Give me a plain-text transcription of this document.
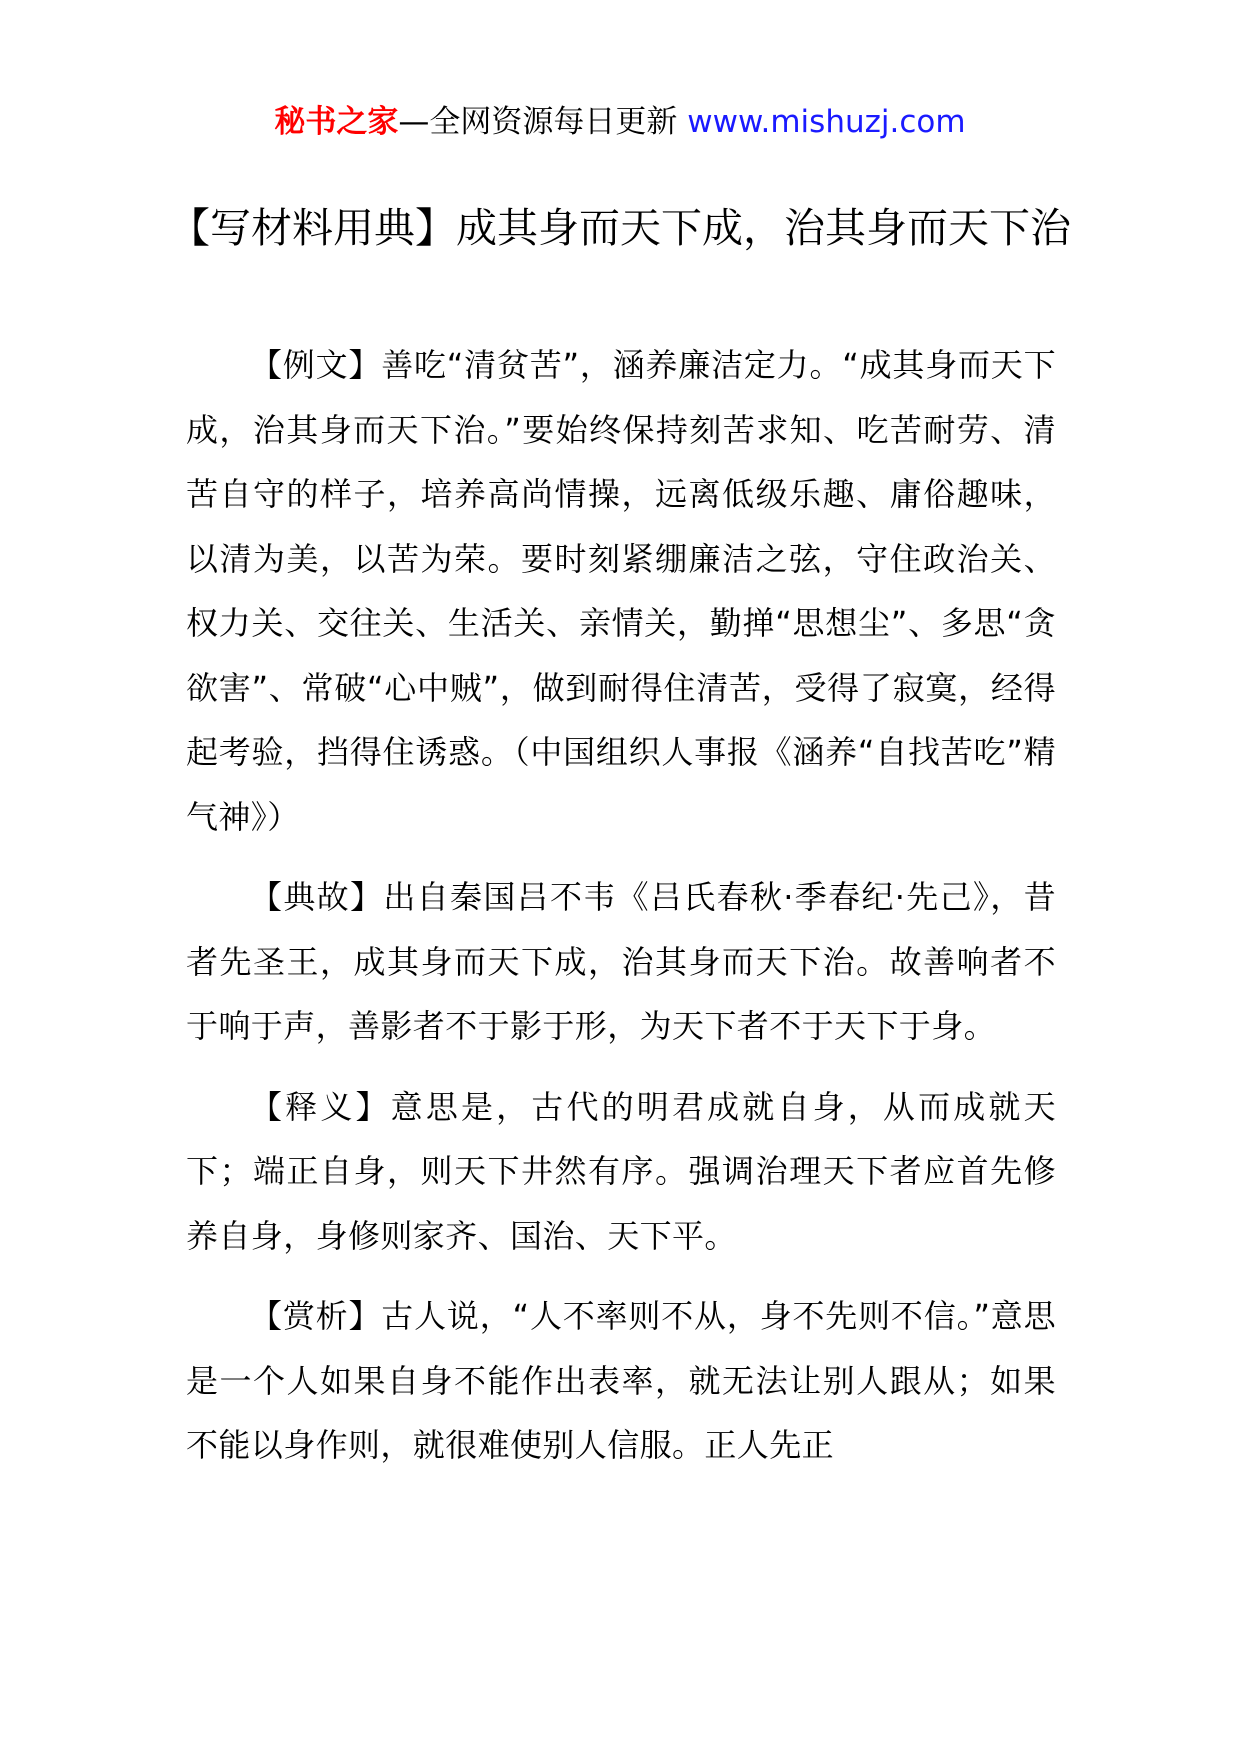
秘书之家—全网资源每日更新 www.mishuzj.com
【写材料用典】成其身而天下成，治其身而天下治

【例文】善吃“清贫苦”，涵养廉洁定力。“成其身而天下成，治其身而天下治。”要始终保持刻苦求知、吃苦耐劳、清苦自守的样子，培养高尚情操，远离低级乐趣、庸俗趣味，以清为美，以苦为荣。要时刻紧绷廉洁之弦，守住政治关、权力关、交往关、生活关、亲情关，勤掸“思想尘”、多思“贪欲害”、常破“心中贼”，做到耐得住清苦，受得了寂寞，经得起考验，挡得住诱惑。（中国组织人事报《涵养“自找苦吃”精气神》）

【典故】出自秦国吕不韦《吕氏春秋·季春纪·先己》，昔者先圣王，成其身而天下成，治其身而天下治。故善响者不于响于声，善影者不于影于形，为天下者不于天下于身。

【释义】意思是，古代的明君成就自身，从而成就天下；端正自身，则天下井然有序。强调治理天下者应首先修养自身，身修则家齐、国治、天下平。

【赏析】古人说，“人不率则不从，身不先则不信。”意思是一个人如果自身不能作出表率，就无法让别人跟从；如果不能以身作则，就很难使别人信服。正人先正
